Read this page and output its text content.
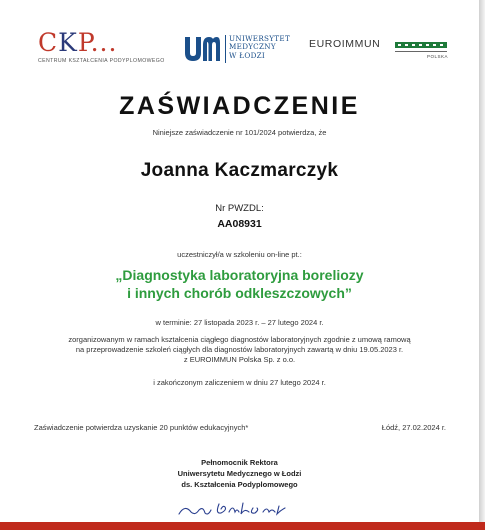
CKP...
CENTRUM KSZTAŁCENIA PODYPLOMOWEGO
UNIWERSYTET
MEDYCZNY
W ŁODZI
EUROIMMUN
POLSKA
ZAŚWIADCZENIE
Niniejsze zaświadczenie nr 101/2024 potwierdza, że
Joanna Kaczmarczyk
Nr PWZDL:
AA08931
uczestniczył/a w szkoleniu on-line pt.:
„Diagnostyka laboratoryjna boreliozy
i innych chorób odkleszczowych”
w terminie: 27 listopada 2023 r. – 27 lutego 2024 r.
zorganizowanym w ramach kształcenia ciągłego diagnostów laboratoryjnych zgodnie z umową ramową
na przeprowadzenie szkoleń ciągłych dla diagnostów laboratoryjnych zawartą w dniu 19.05.2023 r.
z EUROIMMUN Polska Sp. z o.o.
i zakończonym zaliczeniem w dniu 27 lutego 2024 r.
Zaświadczenie potwierdza uzyskanie 20 punktów edukacyjnych*	Łódź, 27.02.2024 r.
Pełnomocnik Rektora
Uniwersytetu Medycznego w Łodzi
ds. Kształcenia Podyplomowego
